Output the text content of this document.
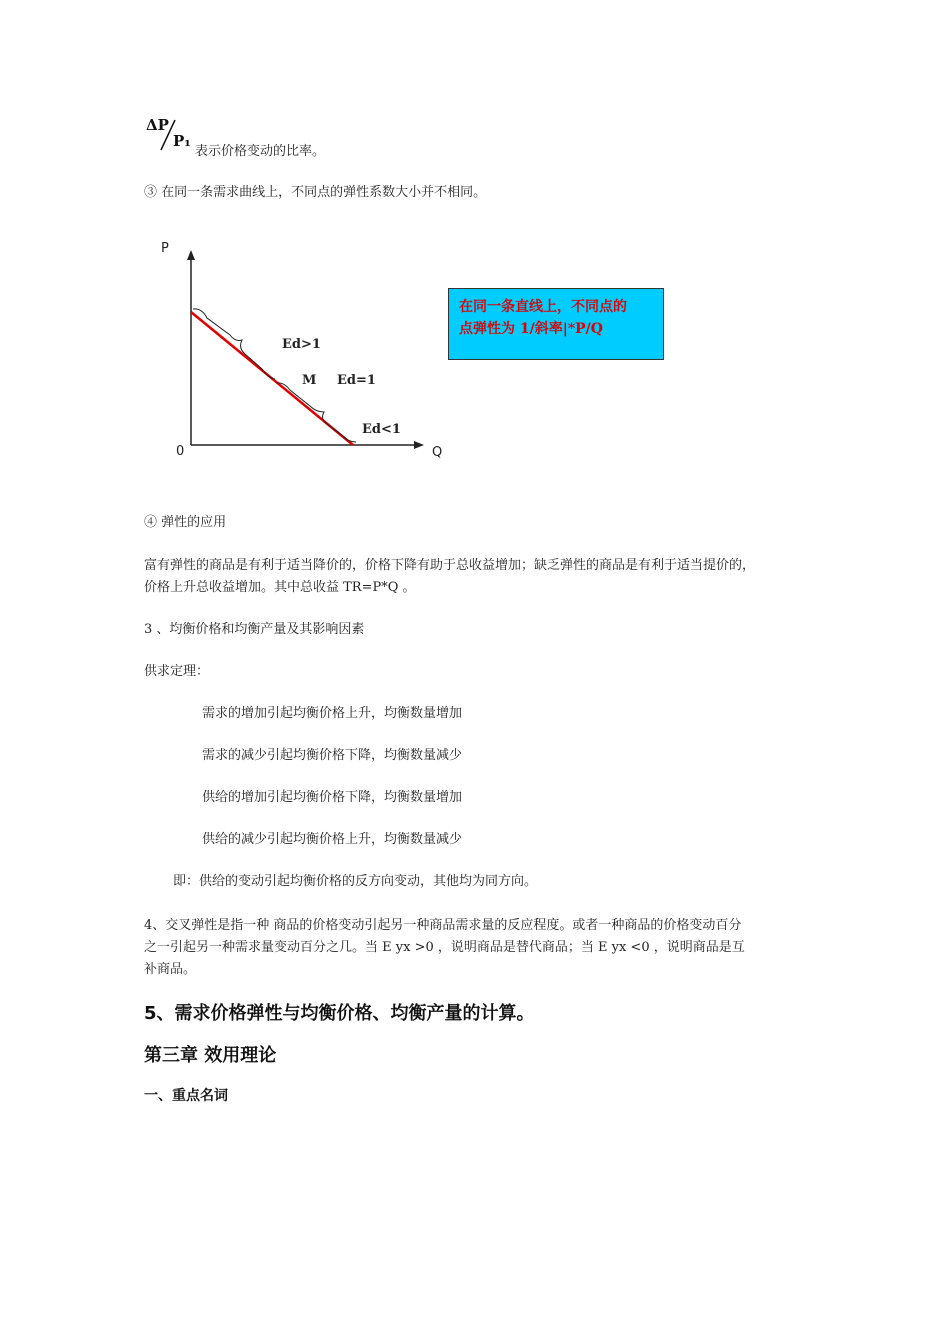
ΔP
P₁
表示价格变动的比率。
③ 在同一条需求曲线上，不同点的弹性系数大小并不相同。
P
Q
0
Ed>1
M Ed=1
Ed<1
在同一条直线上，不同点的
点弹性为 1/斜率|*P/Q
④ 弹性的应用
富有弹性的商品是有利于适当降价的，价格下降有助于总收益增加；缺乏弹性的商品是有利于适当提价的，
价格上升总收益增加。其中总收益 TR=P*Q 。
3 、均衡价格和均衡产量及其影响因素
供求定理：
需求的增加引起均衡价格上升，均衡数量增加
需求的减少引起均衡价格下降，均衡数量减少
供给的增加引起均衡价格下降，均衡数量增加
供给的减少引起均衡价格上升，均衡数量减少
即：供给的变动引起均衡价格的反方向变动，其他均为同方向。
4、交叉弹性是指一种 商品的价格变动引起另一种商品需求量的反应程度。或者一种商品的价格变动百分
之一引起另一种需求量变动百分之几。当 E yx >0 ，说明商品是替代商品；当 E yx <0 ，说明商品是互
补商品。
5、需求价格弹性与均衡价格、均衡产量的计算。
第三章 效用理论
一、重点名词
